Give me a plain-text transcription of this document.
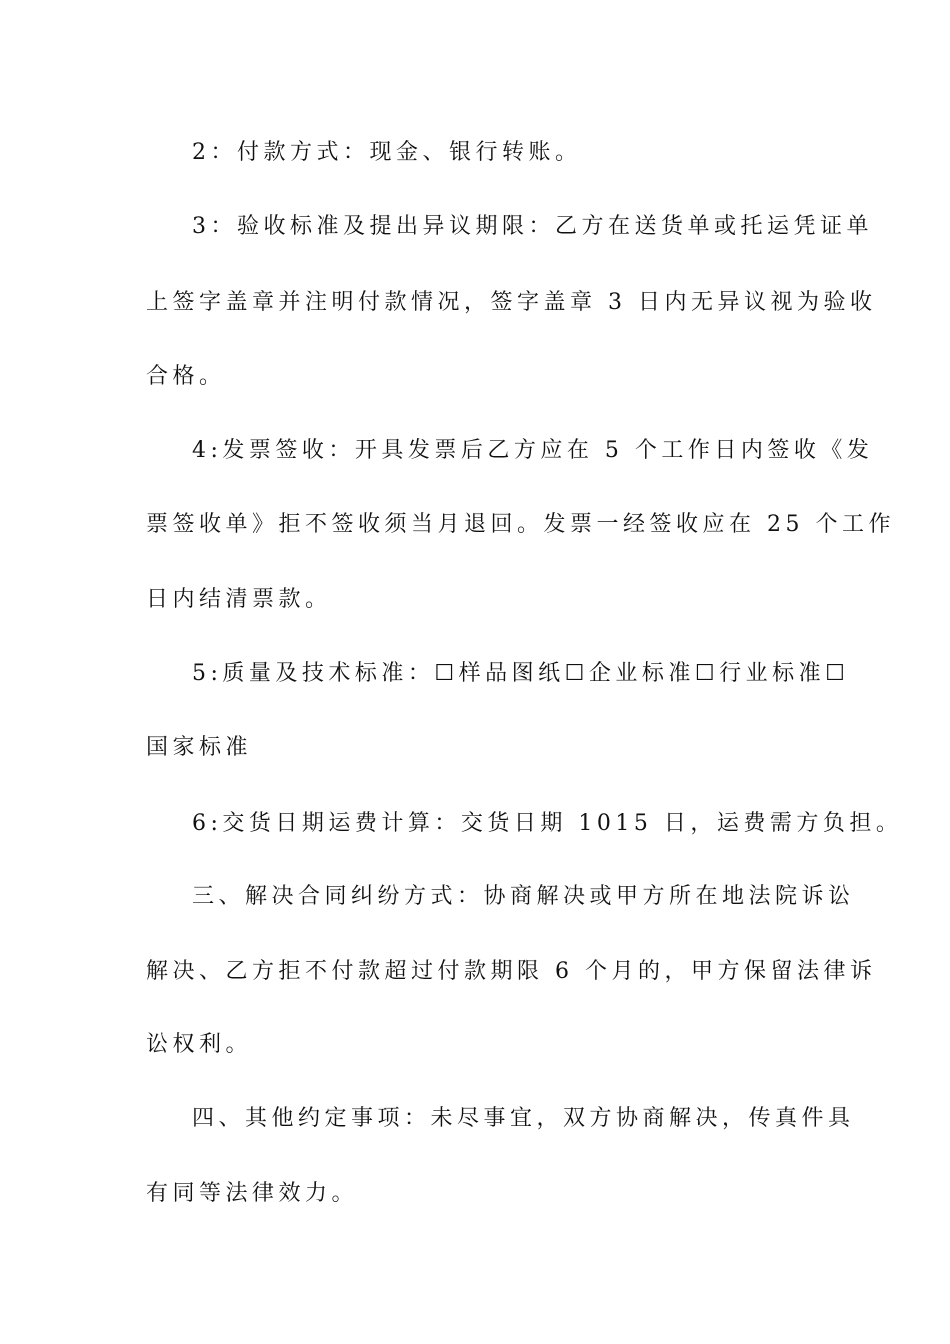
2：付款方式：现金、银行转账。
3：验收标准及提出异议期限：乙方在送货单或托运凭证单
上签字盖章并注明付款情况，签字盖章 3 日内无异议视为验收
合格。
4:发票签收：开具发票后乙方应在 5 个工作日内签收《发
票签收单》拒不签收须当月退回。发票一经签收应在 25 个工作
日内结清票款。
5:质量及技术标准：☐样品图纸☐企业标准☐行业标准☐
国家标准
6:交货日期运费计算：交货日期 1015 日，运费需方负担。
三、解决合同纠纷方式：协商解决或甲方所在地法院诉讼
解决、乙方拒不付款超过付款期限 6 个月的，甲方保留法律诉
讼权利。
四、其他约定事项：未尽事宜，双方协商解决，传真件具
有同等法律效力。
